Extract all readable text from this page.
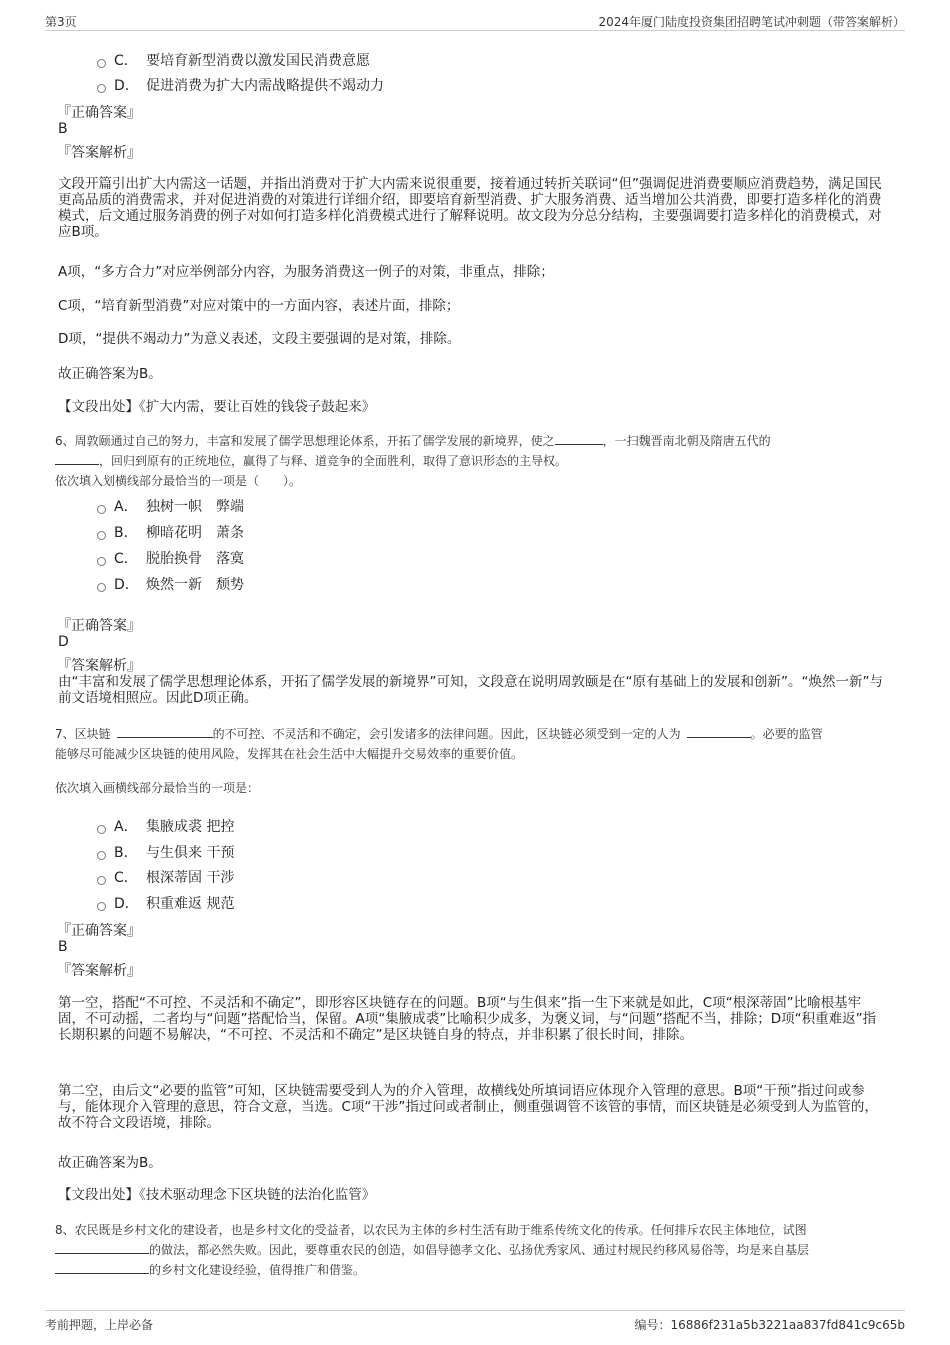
第3页	2024年厦门陆度投资集团招聘笔试冲刺题（带答案解析）
C． 要培育新型消费以激发国民消费意愿
D． 促进消费为扩大内需战略提供不竭动力
『正确答案』
B
『答案解析』
文段开篇引出扩大内需这一话题，并指出消费对于扩大内需来说很重要，接着通过转折关联词“但”强调促进消费要顺应消费趋势，满足国民更高品质的消费需求，并对促进消费的对策进行详细介绍，即要培育新型消费、扩大服务消费、适当增加公共消费，即要打造多样化的消费模式，后文通过服务消费的例子对如何打造多样化消费模式进行了解释说明。故文段为分总分结构，主要强调要打造多样化的消费模式，对应B项。
A项，“多方合力”对应举例部分内容，为服务消费这一例子的对策，非重点，排除；
C项，“培育新型消费”对应对策中的一方面内容，表述片面，排除；
D项，“提供不竭动力”为意义表述，文段主要强调的是对策，排除。
故正确答案为B。
【文段出处】《扩大内需，要让百姓的钱袋子鼓起来》
6、周敦颐通过自己的努力，丰富和发展了儒学思想理论体系，开拓了儒学发展的新境界，使之	，一扫魏晋南北朝及隋唐五代的
，回归到原有的正统地位，赢得了与释、道竞争的全面胜利，取得了意识形态的主导权。
依次填入划横线部分最恰当的一项是（　　）。
A． 独树一帜　弊端
B． 柳暗花明　萧条
C． 脱胎换骨　落寞
D． 焕然一新　颓势
『正确答案』
D
『答案解析』
由“丰富和发展了儒学思想理论体系，开拓了儒学发展的新境界”可知，文段意在说明周敦颐是在“原有基础上的发展和创新”。“焕然一新”与前文语境相照应。因此D项正确。
7、区块链	的不可控、不灵活和不确定，会引发诸多的法律问题。因此，区块链必须受到一定的人为	。必要的监管
能够尽可能减少区块链的使用风险，发挥其在社会生活中大幅提升交易效率的重要价值。
依次填入画横线部分最恰当的一项是：
A． 集腋成裘 把控
B． 与生俱来 干预
C． 根深蒂固 干涉
D． 积重难返 规范
『正确答案』
B
『答案解析』
第一空，搭配“不可控、不灵活和不确定”，即形容区块链存在的问题。B项“与生俱来”指一生下来就是如此，C项“根深蒂固”比喻根基牢固，不可动摇，二者均与“问题”搭配恰当，保留。A项“集腋成裘”比喻积少成多，为褒义词，与“问题”搭配不当，排除；D项“积重难返”指长期积累的问题不易解决，“不可控、不灵活和不确定”是区块链自身的特点，并非积累了很长时间，排除。
第二空，由后文“必要的监管”可知，区块链需要受到人为的介入管理，故横线处所填词语应体现介入管理的意思。B项“干预”指过问或参与，能体现介入管理的意思，符合文意，当选。C项“干涉”指过问或者制止，侧重强调管不该管的事情，而区块链是必须受到人为监管的，故不符合文段语境，排除。
故正确答案为B。
【文段出处】《技术驱动理念下区块链的法治化监管》
8、农民既是乡村文化的建设者，也是乡村文化的受益者，以农民为主体的乡村生活有助于维系传统文化的传承。任何排斥农民主体地位，试图
的做法，都必然失败。因此，要尊重农民的创造，如倡导德孝文化、弘扬优秀家风、通过村规民约移风易俗等，均是来自基层
的乡村文化建设经验，值得推广和借鉴。
考前押题，上岸必备	编号：16886f231a5b3221aa837fd841c9c65b
